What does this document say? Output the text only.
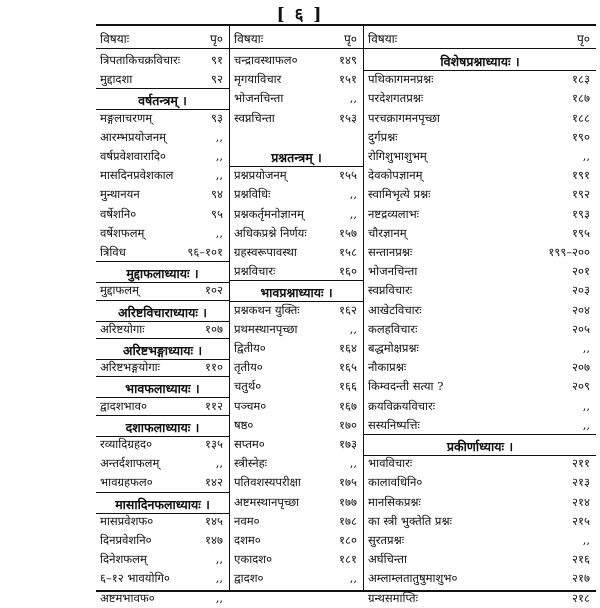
[ ६ ]
विषयाः	पृ०
त्रिपताकिचक्रविचारः	९१
मुद्दादशा	९२
वर्षतन्त्रम् ।
मङ्गलाचरणम्	९३
आरम्भप्रयोजनम्	,,
वर्षप्रवेशवारादि०	,,
मासदिनप्रवेशकाल	,,
मुन्थानयन	९४
वर्षेशनि०	९५
वर्षेशफलम्	,,
त्रिविध	९६–१०१
मुद्दाफलाध्यायः ।
मुद्दाफलम्	१०२
अरिष्टविचाराध्यायः ।
अरिष्टयोगाः	१०७
अरिष्टभङ्गाध्यायः ।
अरिष्टभङ्गयोगाः	११०
भावफलाध्यायः ।
द्वादशभाव०	११२
दशाफलाध्यायः ।
रव्यादिग्रहद०	१३५
अन्तर्दशाफलम्	,,
भावग्रहफल०	१४२
मासादिनफलाध्यायः ।
मासप्रवेशफ०	१४५
दिनप्रवेशनि०	१४७
दिनेशफलम्	,,
६–१२ भावयोगि०	,,
अष्टमभावफ०	,,
विषयाः	पृ०
चन्द्रावस्थाफल०	१४९
मृगयाविचार	१५१
भोजनचिन्ता	,,
स्वप्नचिन्ता	१५३
प्रश्नतन्त्रम् ।
प्रश्नप्रयोजनम्	१५५
प्रश्नविधिः	,,
प्रश्नकर्तृमनोज्ञानम्	,,
अधिकप्रश्ने निर्णयः	१५७
ग्रहस्वरूपावस्था	१५८
प्रश्नविचारः	१६०
भावप्रश्नाध्यायः ।
प्रश्नकथन युक्तिः	१६२
प्रथमस्थानपृच्छा	,,
द्वितीय०	१६४
तृतीय०	१६५
चतुर्थ०	१६६
पञ्चम०	१६७
षष्ठ०	१७०
सप्तम०	१७३
स्त्रीस्नेहः	,,
पतिवशस्यपरीक्षा	१७५
अष्टमस्थानपृच्छा	१७७
नवम०	१७८
दशम०	१८०
एकादश०	१८१
द्वादश०	,,
विषयाः	पृ०
विशेषप्रश्नाध्यायः ।
पथिकागमनप्रश्नः	१८३
परदेशगतप्रश्नः	१८७
परचक्रागमनपृच्छा	१८८
दुर्गप्रश्नः	१९०
रोगिशुभाशुभम्	,,
देवकोपज्ञानम्	१९१
स्वामिभृत्ये प्रश्नः	१९२
नष्टद्रव्यलाभः	१९३
चौरज्ञानम्	१९५
सन्तानप्रश्नः	१९९–२००
भोजनचिन्ता	२०१
स्वप्नविचारः	२०३
आखेटविचारः	२०४
कलहविचारः	२०५
बद्धमोक्षप्रश्नः	,,
नौकाप्रश्नः	२०७
किम्वदन्ती सत्या ?	२०९
क्रयविक्रयविचारः	,,
सस्यनिष्पत्तिः	,,
प्रकीर्णाध्यायः ।
भावविचारः	२११
कालावधिनि०	२१३
मानसिकप्रश्नः	२१४
का स्त्री भुक्तेति प्रश्नः	२१५
सुरतप्रश्नः	,,
अर्घचिन्ता	२१६
अम्लाम्लतातुषुमाशुभ०	२१७
ग्रन्थसमाप्तिः	२१८
